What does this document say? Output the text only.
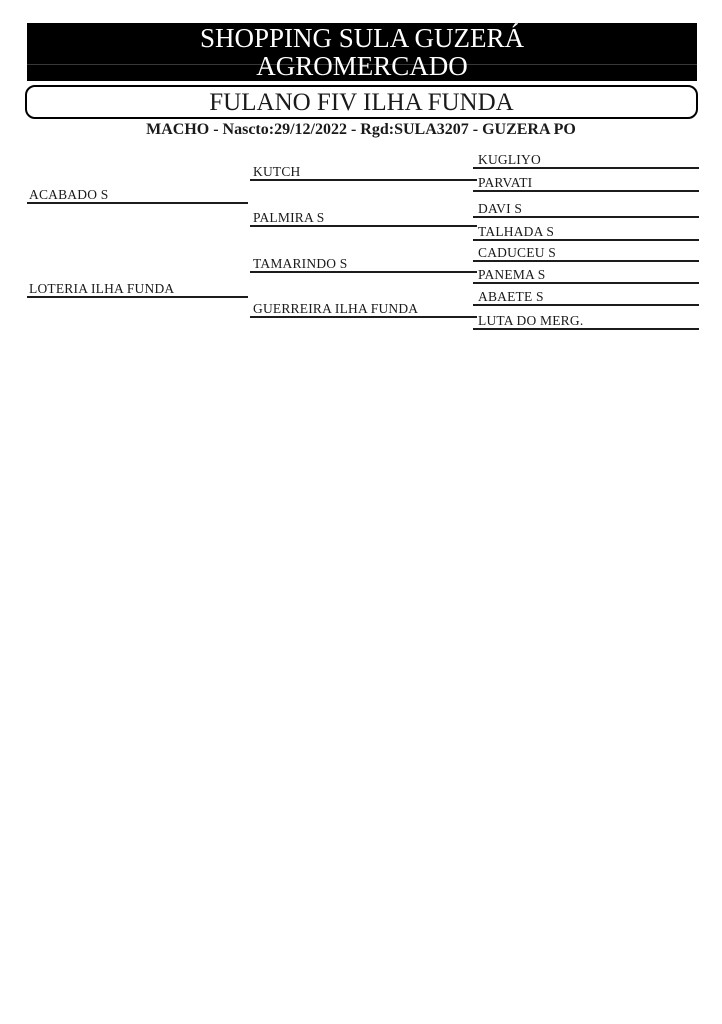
SHOPPING SULA GUZERÁ
AGROMERCADO
FULANO FIV ILHA FUNDA
MACHO - Nascto:29/12/2022 - Rgd:SULA3207 - GUZERA PO
ACABADO S
LOTERIA ILHA FUNDA
KUTCH
PALMIRA S
TAMARINDO S
GUERREIRA ILHA FUNDA
KUGLIYO
PARVATI
DAVI S
TALHADA S
CADUCEU S
PANEMA S
ABAETE S
LUTA DO MERG.
